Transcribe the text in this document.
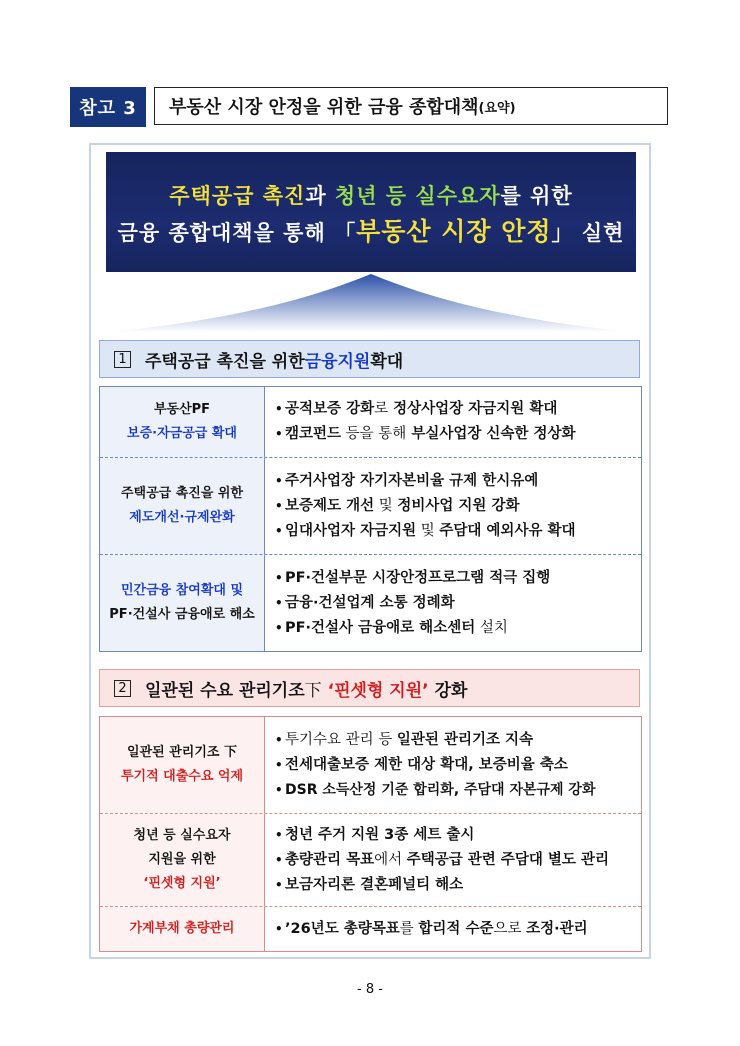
참고 3	부동산 시장 안정을 위한 금융 종합대책 (요약)
주택공급 촉진과 청년 등 실수요자를 위한
금융 종합대책을 통해 「부동산 시장 안정」 실현
1 주택공급 촉진을 위한 금융지원 확대
부동산PF
보증·자금공급 확대
• 공적보증 강화로 정상사업장 자금지원 확대
• 캠코펀드 등을 통해 부실사업장 신속한 정상화
주택공급 촉진을 위한
제도개선·규제완화
• 주거사업장 자기자본비율 규제 한시유예
• 보증제도 개선 및 정비사업 지원 강화
• 임대사업자 자금지원 및 주담대 예외사유 확대
민간금융 참여확대 및
PF·건설사 금융애로 해소
• PF·건설부문 시장안정프로그램 적극 집행
• 금융·건설업계 소통 정례화
• PF·건설사 금융애로 해소센터 설치
2 일관된 수요 관리기조 下 ‘핀셋형 지원’ 강화
일관된 관리기조 下
투기적 대출수요 억제
• 투기수요 관리 등 일관된 관리기조 지속
• 전세대출보증 제한 대상 확대, 보증비율 축소
• DSR 소득산정 기준 합리화, 주담대 자본규제 강화
청년 등 실수요자
지원을 위한
‘핀셋형 지원’
• 청년 주거 지원 3종 세트 출시
• 총량관리 목표에서 주택공급 관련 주담대 별도 관리
• 보금자리론 결혼페널티 해소
가계부채 총량관리	• ’26년도 총량목표를 합리적 수준으로 조정·관리
- 8 -
